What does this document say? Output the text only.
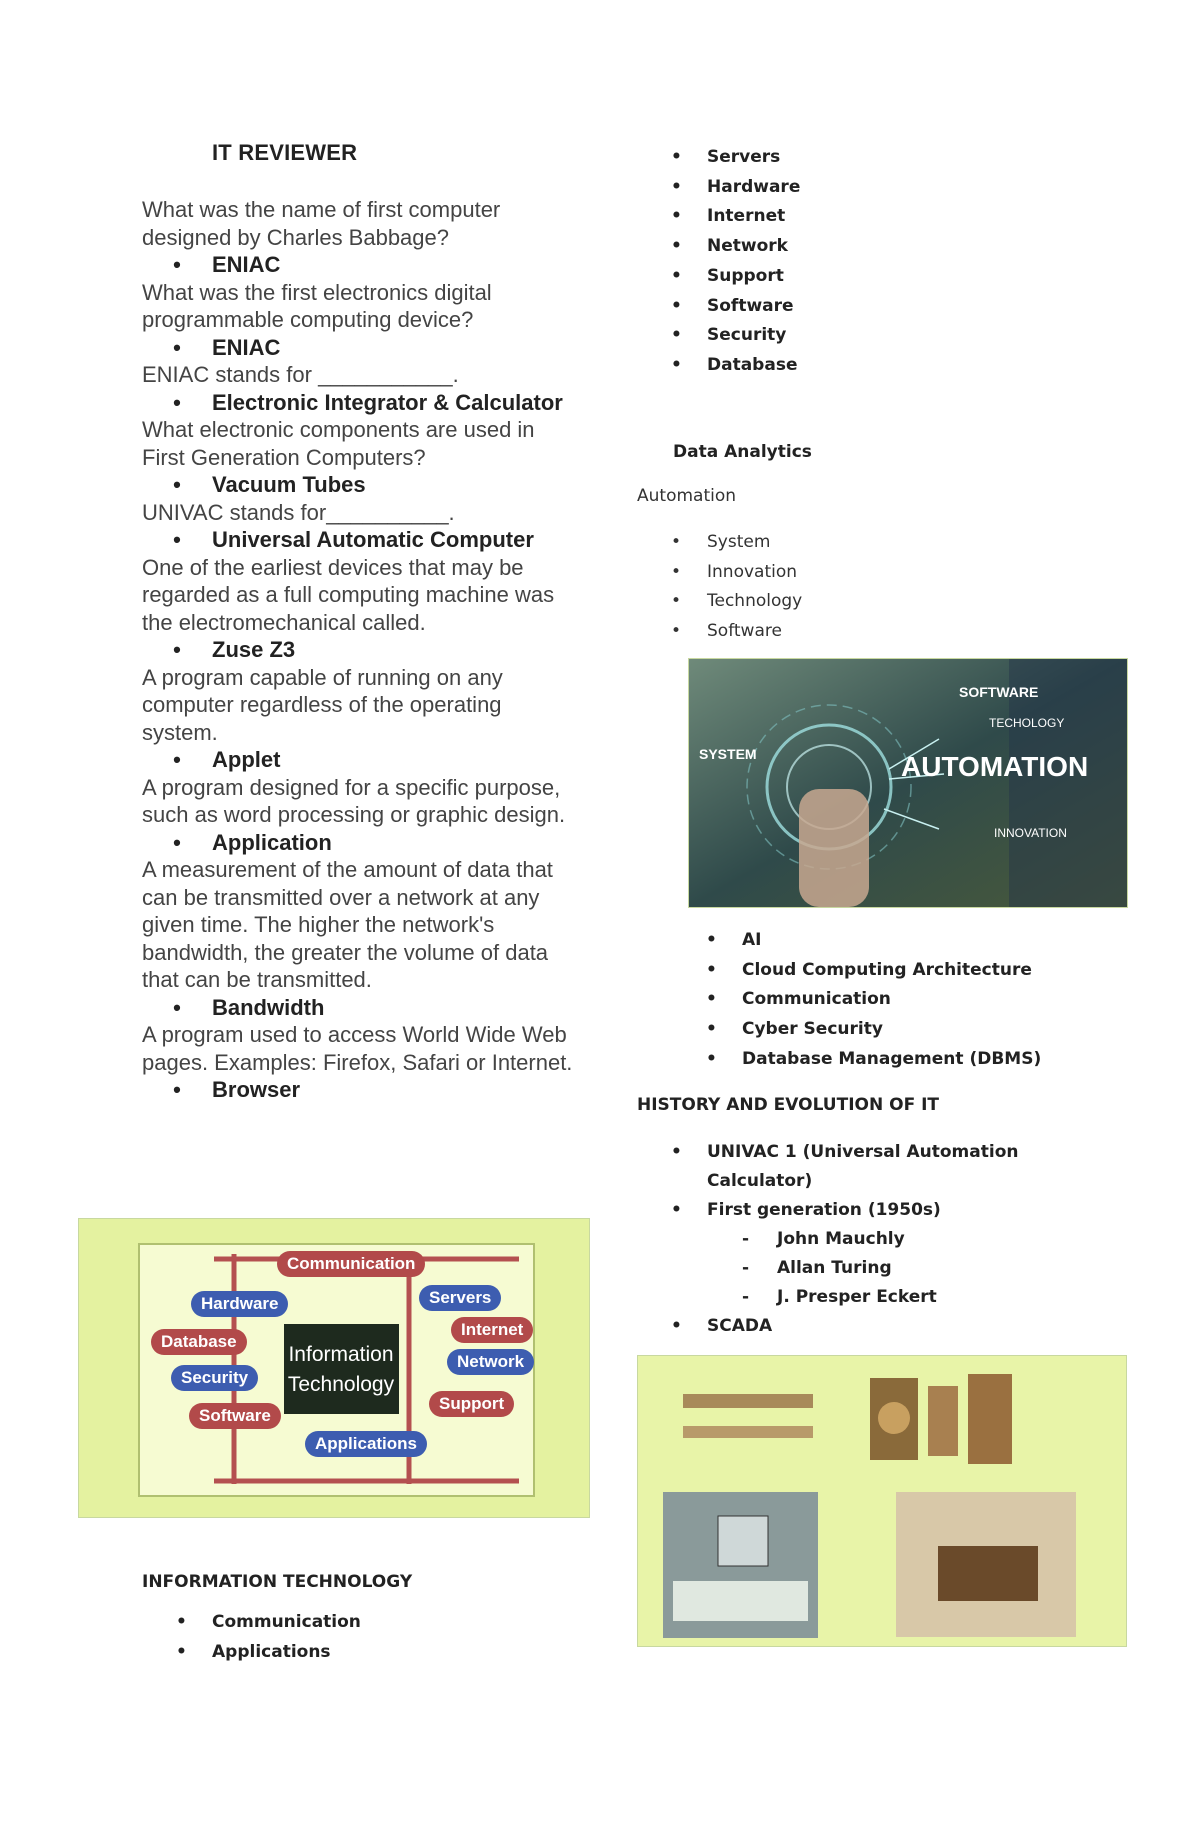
IT REVIEWER
What was the name of first computer designed by Charles Babbage?
•	ENIAC
What was the first electronics digital programmable computing device?
•	ENIAC
ENIAC stands for ___________.
•	Electronic Integrator & Calculator
What electronic components are used in First Generation Computers?
•	Vacuum Tubes
UNIVAC stands for__________.
•	Universal Automatic Computer
One of the earliest devices that may be regarded as a full computing machine was the electromechanical called.
•	Zuse Z3
A program capable of running on any computer regardless of the operating system.
•	Applet
A program designed for a specific purpose, such as word processing or graphic design.
•	Application
A measurement of the amount of data that can be transmitted over a network at any given time. The higher the network's bandwidth, the greater the volume of data that can be transmitted.
•	Bandwidth
A program used to access World Wide Web pages. Examples: Firefox, Safari or Internet.
•	Browser
Information
Technology
Communication
Hardware	Servers
Internet
Database
Network
Security
Support
Software
Applications
INFORMATION TECHNOLOGY
•	Communication
•	Applications
•	Servers
•	Hardware
•	Internet
•	Network
•	Support
•	Software
•	Security
•	Database
Data Analytics
Automation
•	System
•	Innovation
•	Technology
•	Software
SOFTWARE
TECHOLOGY
SYSTEM	AUTOMATION
INNOVATION
•	AI
•	Cloud Computing Architecture
•	Communication
•	Cyber Security
•	Database Management (DBMS)
HISTORY AND EVOLUTION OF IT
•	UNIVAC 1 (Universal Automation Calculator)
•	First generation (1950s)
-	John Mauchly
-	Allan Turing
-	J. Presper Eckert
•	SCADA
